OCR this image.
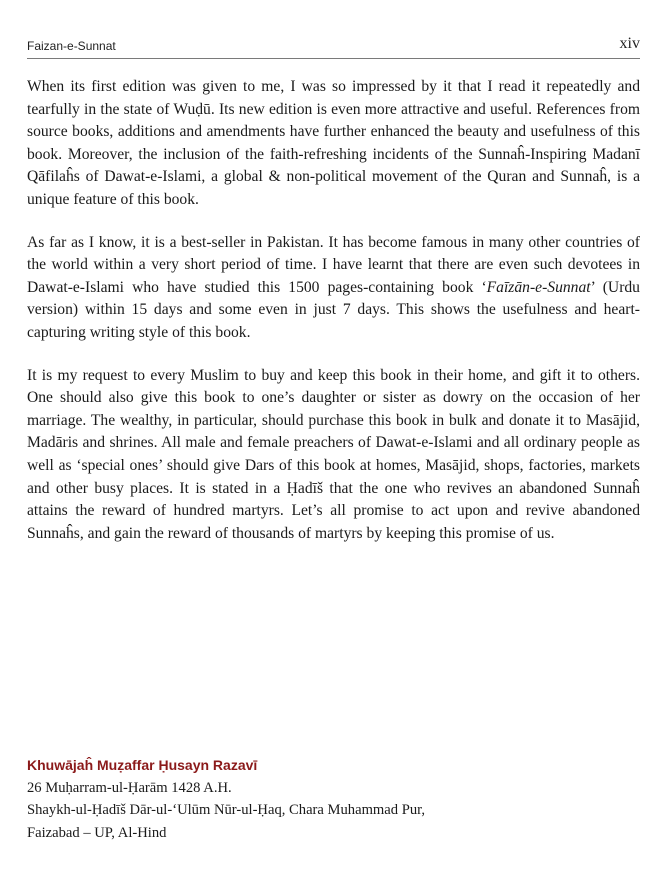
Faizan-e-Sunnat	xiv

When its first edition was given to me, I was so impressed by it that I read it repeatedly and tearfully in the state of Wuḍū. Its new edition is even more attractive and useful. References from source books, additions and amendments have further enhanced the beauty and usefulness of this book. Moreover, the inclusion of the faith-refreshing incidents of the Sunnaĥ-Inspiring Madanī Qāfilaĥs of Dawat-e-Islami, a global & non-political movement of the Quran and Sunnaĥ, is a unique feature of this book.

As far as I know, it is a best-seller in Pakistan. It has become famous in many other countries of the world within a very short period of time. I have learnt that there are even such devotees in Dawat-e-Islami who have studied this 1500 pages-containing book ‘Faīzān-e-Sunnat’ (Urdu version) within 15 days and some even in just 7 days. This shows the usefulness and heart-capturing writing style of this book.

It is my request to every Muslim to buy and keep this book in their home, and gift it to others. One should also give this book to one’s daughter or sister as dowry on the occasion of her marriage. The wealthy, in particular, should purchase this book in bulk and donate it to Masājid, Madāris and shrines. All male and female preachers of Dawat-e-Islami and all ordinary people as well as ‘special ones’ should give Dars of this book at homes, Masājid, shops, factories, markets and other busy places. It is stated in a Ḥadīš that the one who revives an abandoned Sunnaĥ attains the reward of hundred martyrs. Let’s all promise to act upon and revive abandoned Sunnaĥs, and gain the reward of thousands of martyrs by keeping this promise of us.

Khuwājaĥ Muẓaffar Ḥusayn Razavī
26 Muḥarram-ul-Ḥarām 1428 A.H.
Shaykh-ul-Ḥadīš Dār-ul-‘Ulūm Nūr-ul-Ḥaq, Chara Muhammad Pur,
Faizabad – UP, Al-Hind
